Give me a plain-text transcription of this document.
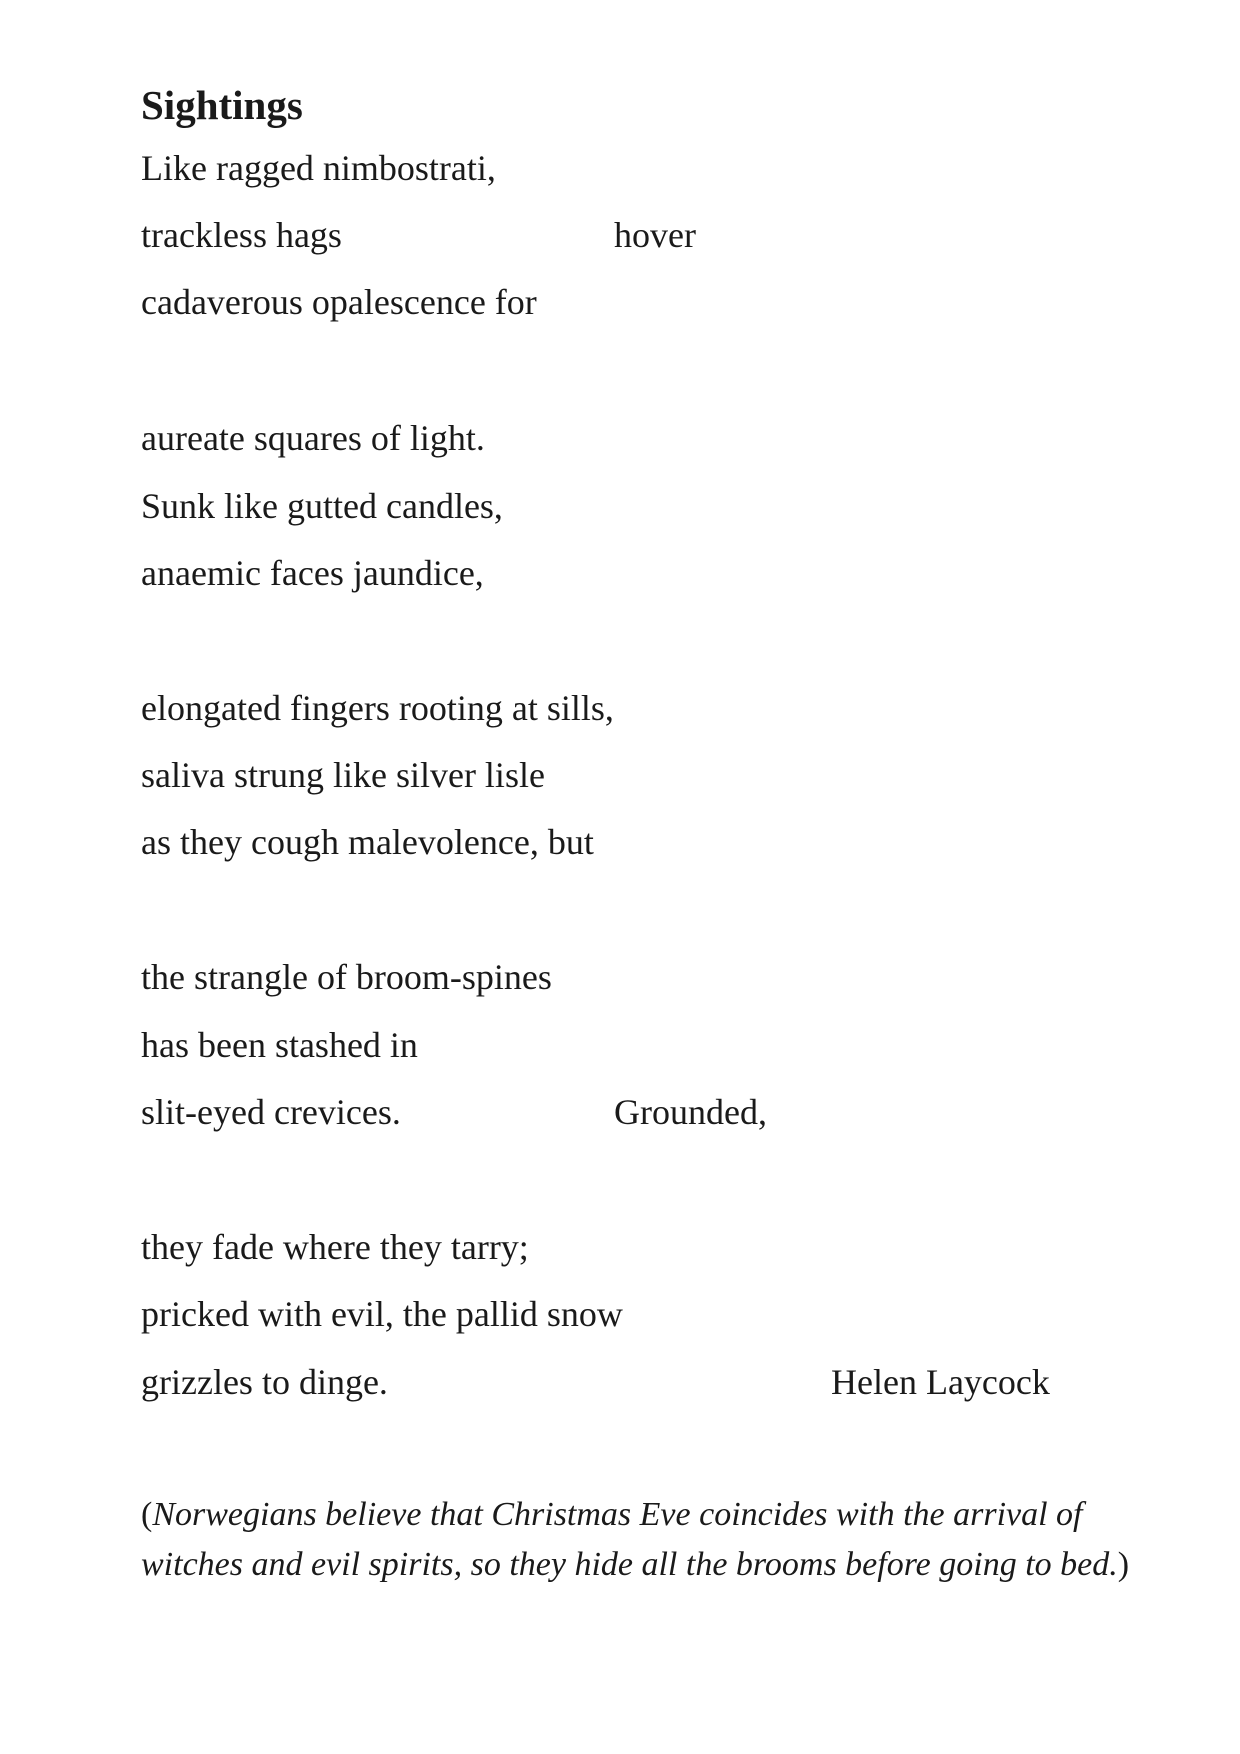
Sightings
Like ragged nimbostrati,
trackless hags	hover
cadaverous opalescence for
aureate squares of light.
Sunk like gutted candles,
anaemic faces jaundice,
elongated fingers rooting at sills,
saliva strung like silver lisle
as they cough malevolence, but
the strangle of broom-spines
has been stashed in
slit-eyed crevices.	Grounded,
they fade where they tarry;
pricked with evil, the pallid snow
grizzles to dinge.	Helen Laycock

(Norwegians believe that Christmas Eve coincides with the arrival of
witches and evil spirits, so they hide all the brooms before going to bed.)
